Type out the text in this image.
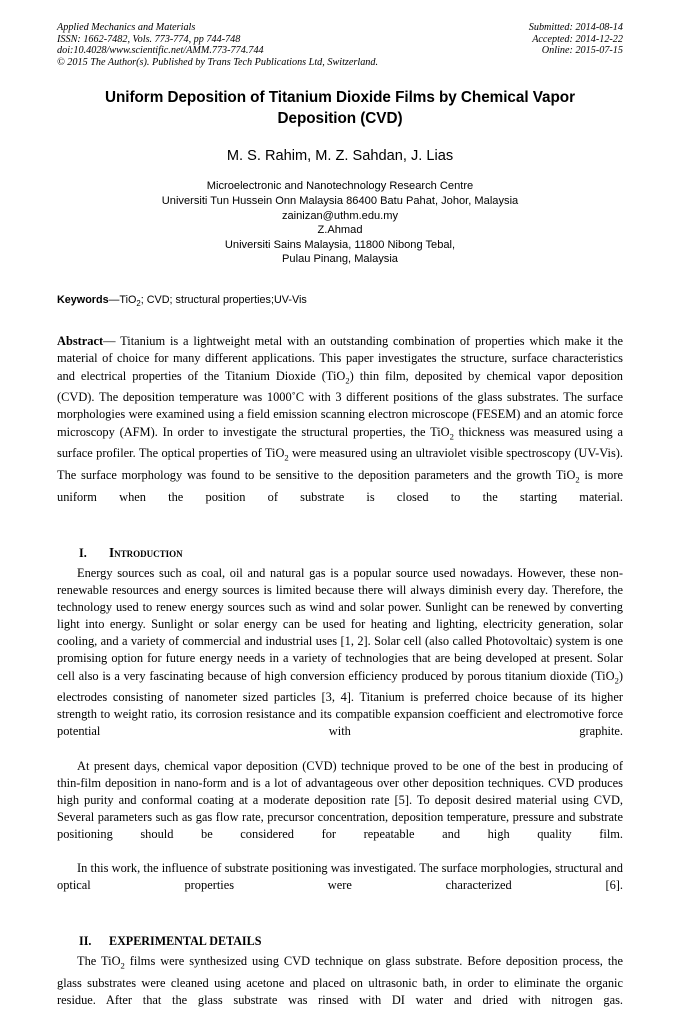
Applied Mechanics and Materials
ISSN: 1662-7482, Vols. 773-774, pp 744-748
doi:10.4028/www.scientific.net/AMM.773-774.744
© 2015 The Author(s). Published by Trans Tech Publications Ltd, Switzerland.
Submitted: 2014-08-14
Accepted: 2014-12-22
Online: 2015-07-15
Uniform Deposition of Titanium Dioxide Films by Chemical Vapor Deposition (CVD)
M. S. Rahim, M. Z. Sahdan, J. Lias
Microelectronic and Nanotechnology Research Centre
Universiti Tun Hussein Onn Malaysia 86400 Batu Pahat, Johor, Malaysia
zainizan@uthm.edu.my
Z.Ahmad
Universiti Sains Malaysia, 11800 Nibong Tebal,
Pulau Pinang, Malaysia
Keywords—TiO$_2$; CVD; structural properties;UV-Vis
Abstract— Titanium is a lightweight metal with an outstanding combination of properties which make it the material of choice for many different applications. This paper investigates the structure, surface characteristics and electrical properties of the Titanium Dioxide (TiO$_2$) thin film, deposited by chemical vapor deposition (CVD). The deposition temperature was 1000˚C with 3 different positions of the glass substrates. The surface morphologies were examined using a field emission scanning electron microscope (FESEM) and an atomic force microscopy (AFM). In order to investigate the structural properties, the TiO$_2$ thickness was measured using a surface profiler. The optical properties of TiO$_2$ were measured using an ultraviolet visible spectroscopy (UV-Vis). The surface morphology was found to be sensitive to the deposition parameters and the growth TiO$_2$ is more uniform when the position of substrate is closed to the starting material.
I. Introduction

Energy sources such as coal, oil and natural gas is a popular source used nowadays. However, these non-renewable resources and energy sources is limited because there will always diminish every day. Therefore, the technology used to renew energy sources such as wind and solar power. Sunlight can be renewed by converting light into energy. Sunlight or solar energy can be used for heating and lighting, electricity generation, solar cooling, and a variety of commercial and industrial uses [1, 2]. Solar cell (also called Photovoltaic) system is one promising option for future energy needs in a variety of technologies that are being developed at present. Solar cell also is a very fascinating because of high conversion efficiency produced by porous titanium dioxide (TiO$_2$) electrodes consisting of nanometer sized particles [3, 4]. Titanium is preferred choice because of its higher strength to weight ratio, its corrosion resistance and its compatible expansion coefficient and electromotive force potential with graphite.

At present days, chemical vapor deposition (CVD) technique proved to be one of the best in producing of thin-film deposition in nano-form and is a lot of advantageous over other deposition techniques. CVD produces high purity and conformal coating at a moderate deposition rate [5]. To deposit desired material using CVD, Several parameters such as gas flow rate, precursor concentration, deposition temperature, pressure and substrate positioning should be considered for repeatable and high quality film.

In this work, the influence of substrate positioning was investigated. The surface morphologies, structural and optical properties were characterized [6].

II. EXPERIMENTAL DETAILS

The TiO$_2$ films were synthesized using CVD technique on glass substrate. Before deposition process, the glass substrates were cleaned using acetone and placed on ultrasonic bath, in order to eliminate the organic residue. After that the glass substrate was rinsed with DI water and dried with nitrogen gas.
